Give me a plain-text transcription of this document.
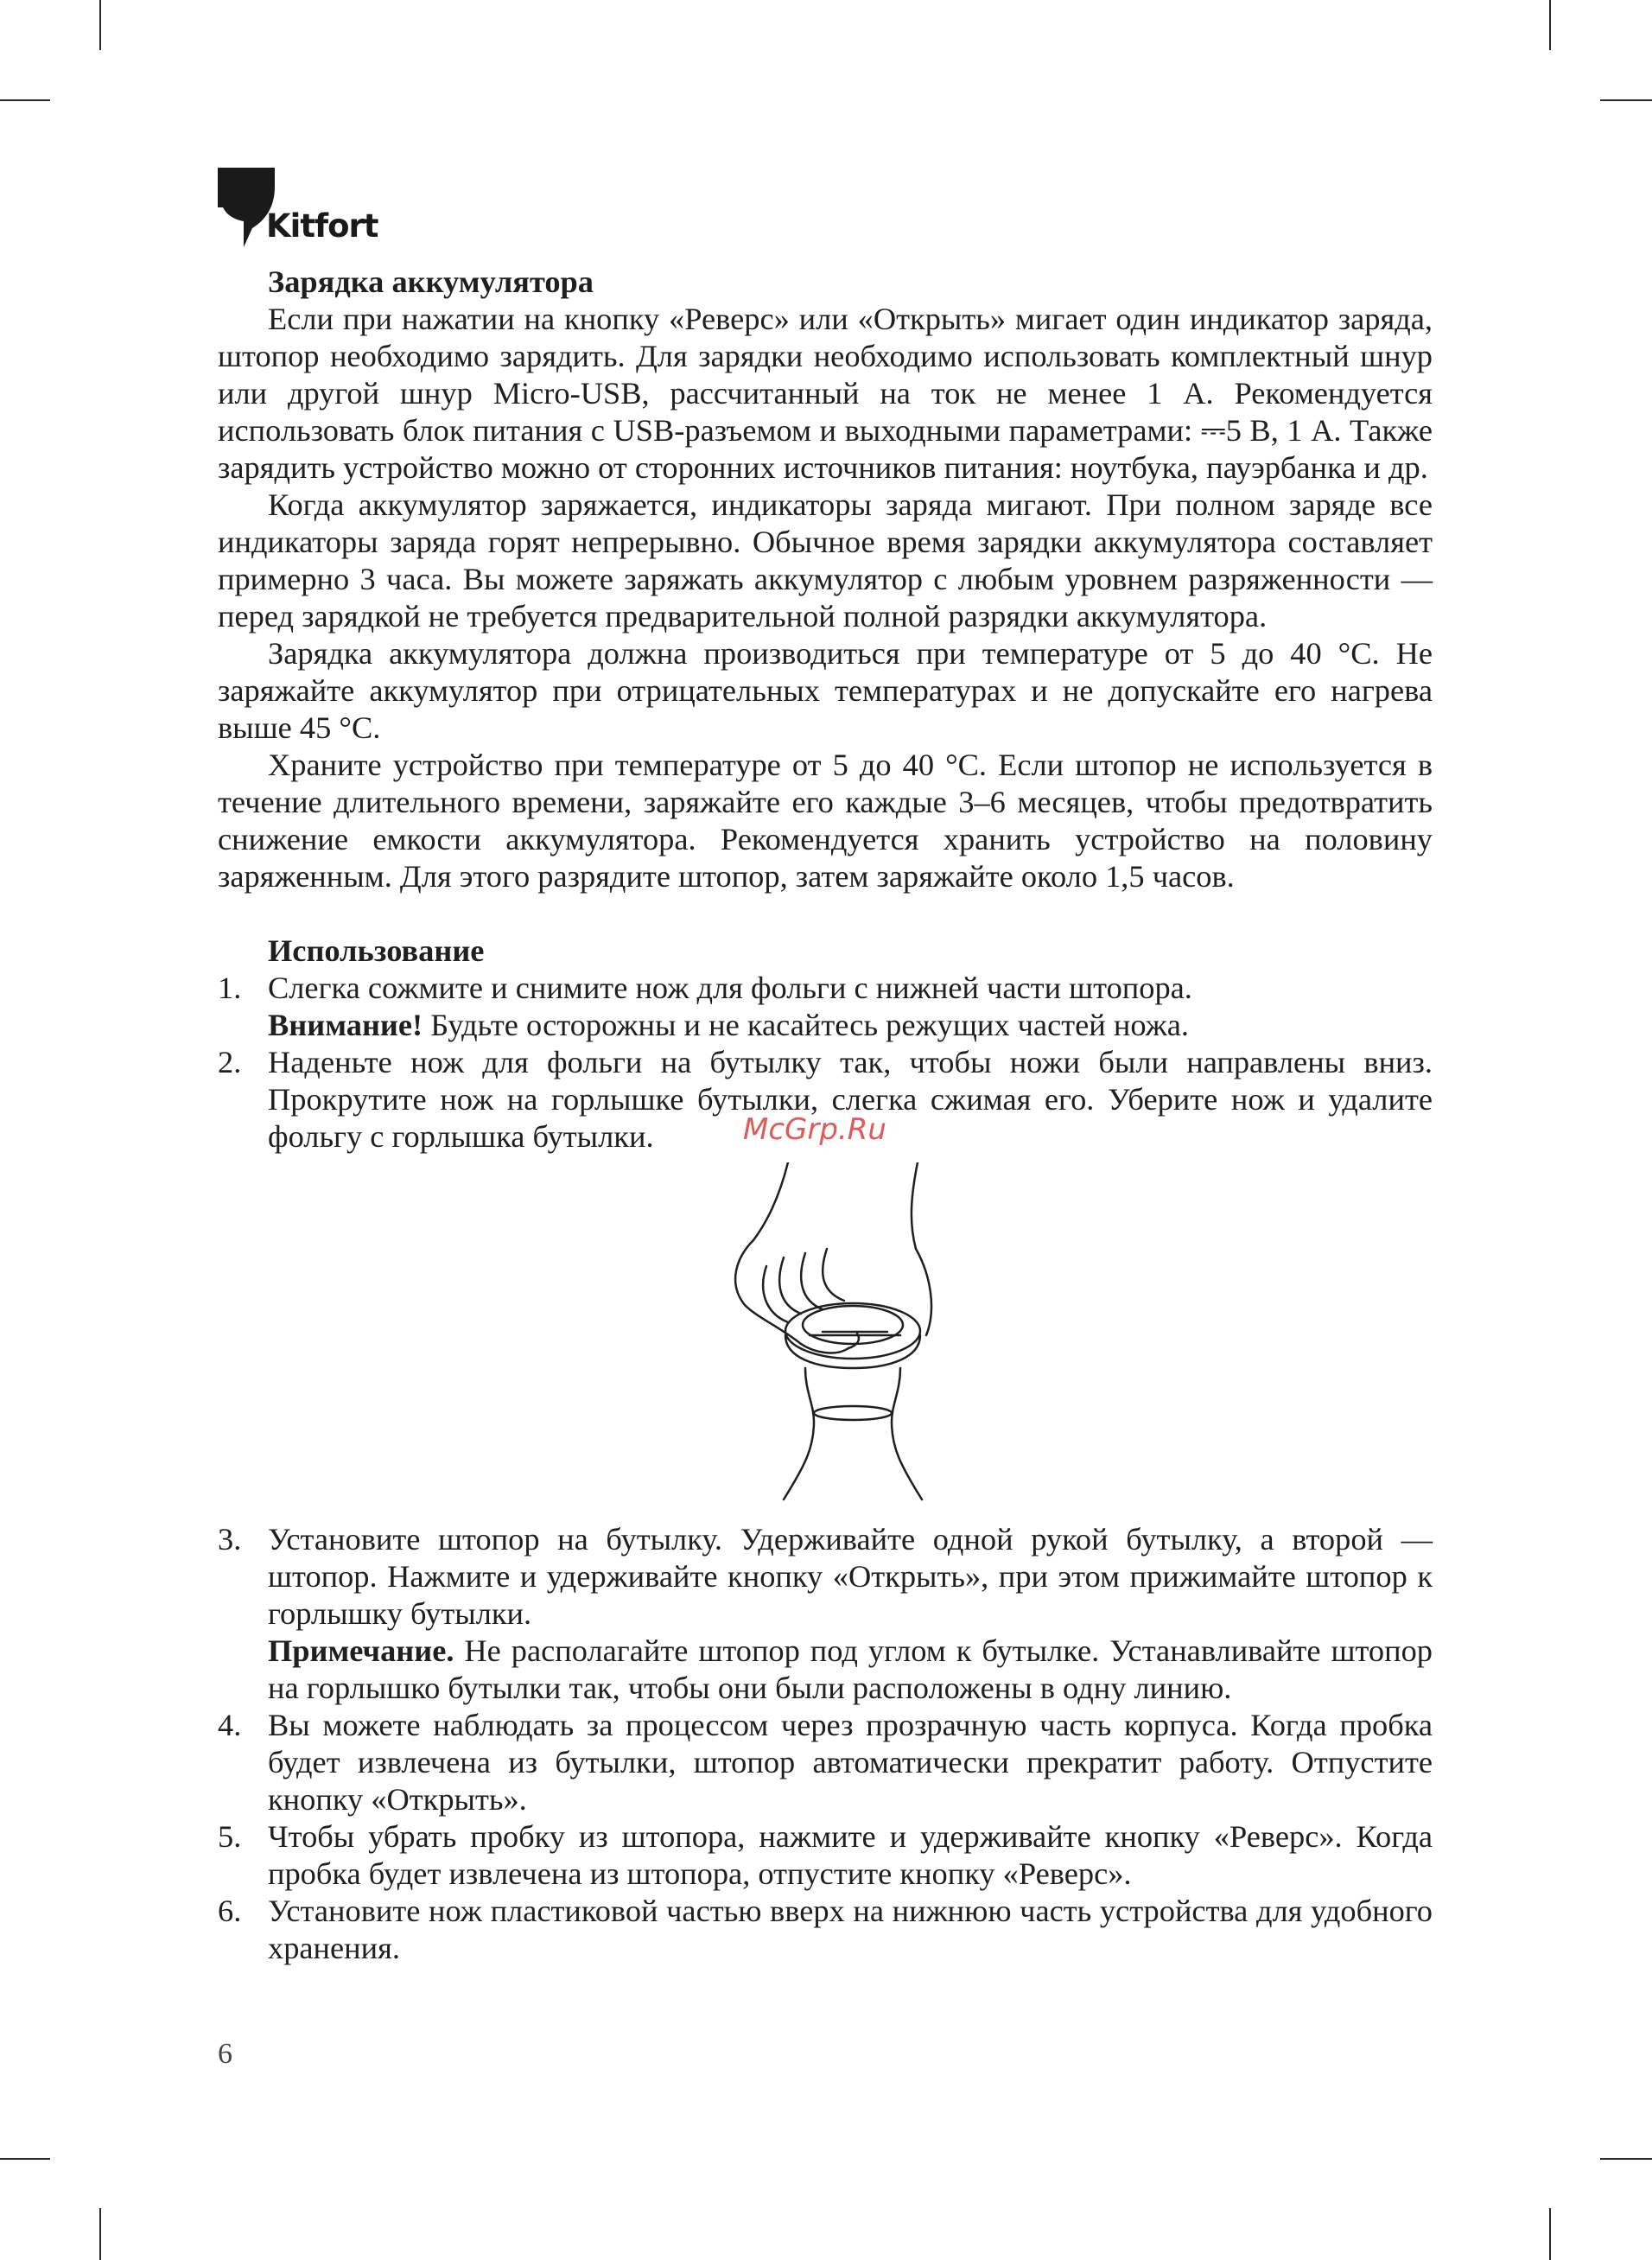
Kitfort
McGrp.Ru
Зарядка аккумулятора

Если при нажатии на кнопку «Реверс» или «Открыть» мигает один индикатор заряда, штопор необходимо зарядить. Для зарядки необходимо использовать комплектный шнур или другой шнур Micro-USB, рассчитанный на ток не менее 1 А. Рекомендуется использовать блок питания с USB-разъемом и выходными параметрами: ⎓5 В, 1 А. Также зарядить устройство можно от сторонних источников питания: ноутбука, пауэрбанка и др.

Когда аккумулятор заряжается, индикаторы заряда мигают. При полном заряде все индикаторы заряда горят непрерывно. Обычное время зарядки аккумулятора составляет примерно 3 часа. Вы можете заряжать аккумулятор с любым уровнем разряженности — перед зарядкой не требуется предварительной полной разрядки аккумулятора.

Зарядка аккумулятора должна производиться при температуре от 5 до 40 °С. Не заряжайте аккумулятор при отрицательных температурах и не допускайте его нагрева выше 45 °С.

Храните устройство при температуре от 5 до 40 °С. Если штопор не используется в течение длительного времени, заряжайте его каждые 3–6 месяцев, чтобы предотвратить снижение емкости аккумулятора. Рекомендуется хранить устройство на половину заряженным. Для этого разрядите штопор, затем заряжайте около 1,5 часов.

Использование
1. Слегка сожмите и снимите нож для фольги с нижней части штопора.

Внимание! Будьте осторожны и не касайтесь режущих частей ножа.

2. Наденьте нож для фольги на бутылку так, чтобы ножи были направлены вниз. Прокрутите нож на горлышке бутылки, слегка сжимая его. Уберите нож и удалите фольгу с горлышка бутылки.

3. Установите штопор на бутылку. Удерживайте одной рукой бутылку, а второй — штопор. Нажмите и удерживайте кнопку «Открыть», при этом прижимайте штопор к горлышку бутылки.

Примечание. Не располагайте штопор под углом к бутылке. Устанавливайте штопор на горлышко бутылки так, чтобы они были расположены в одну линию.

4. Вы можете наблюдать за процессом через прозрачную часть корпуса. Когда пробка будет извлечена из бутылки, штопор автоматически прекратит работу. Отпустите кнопку «Открыть».

5. Чтобы убрать пробку из штопора, нажмите и удерживайте кнопку «Реверс». Когда пробка будет извлечена из штопора, отпустите кнопку «Реверс».

6. Установите нож пластиковой частью вверх на нижнюю часть устройства для удобного хранения.

6
